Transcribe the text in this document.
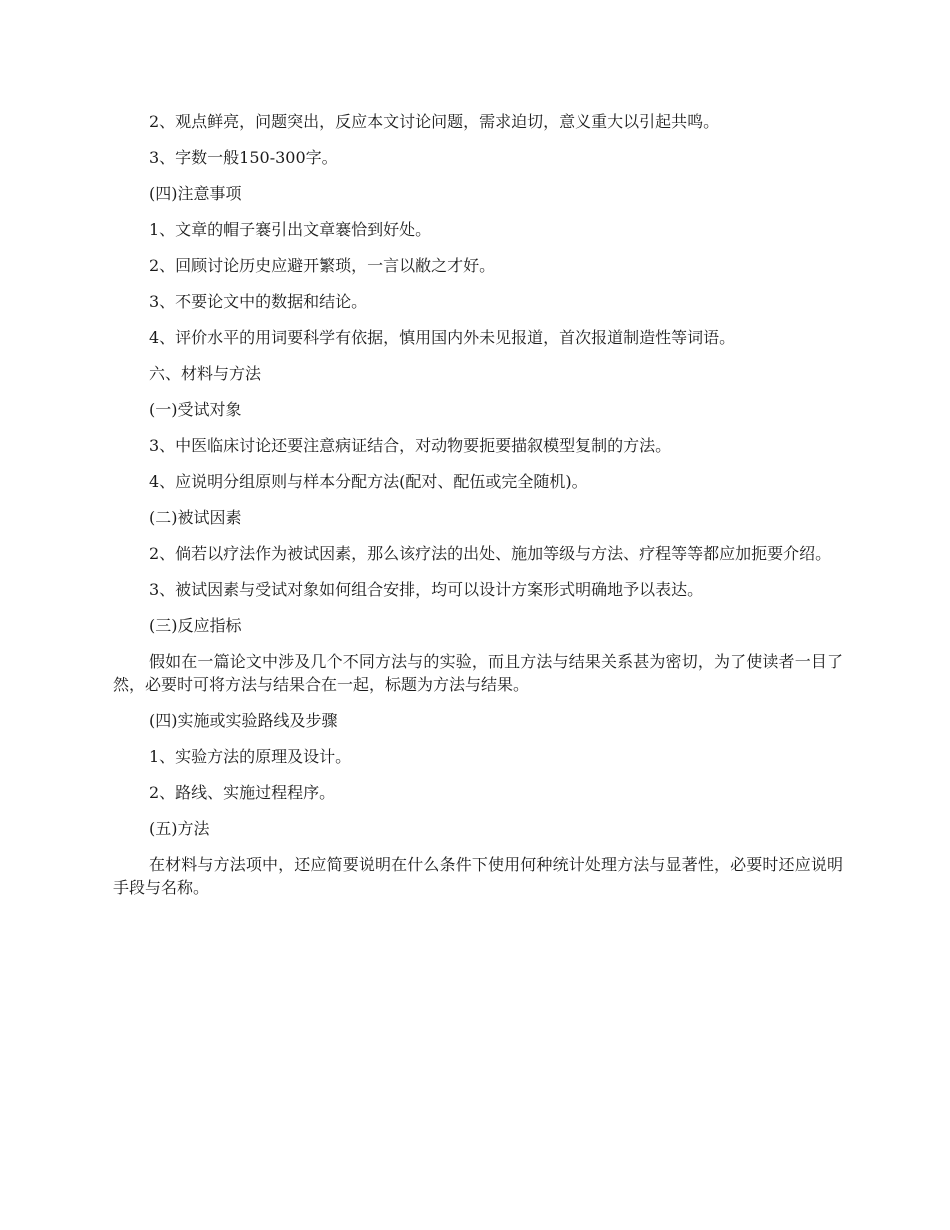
2、观点鲜亮，问题突出，反应本文讨论问题，需求迫切，意义重大以引起共鸣。

3、字数一般150-300字。

(四)注意事项

1、文章的帽子褰引出文章褰恰到好处。

2、回顾讨论历史应避开繁琐，一言以敝之才好。

3、不要论文中的数据和结论。

4、评价水平的用词要科学有依据，慎用国内外未见报道，首次报道制造性等词语。

六、材料与方法

(一)受试对象

3、中医临床讨论还要注意病证结合，对动物要扼要描叙模型复制的方法。

4、应说明分组原则与样本分配方法(配对、配伍或完全随机)。

(二)被试因素

2、倘若以疗法作为被试因素，那么该疗法的出处、施加等级与方法、疗程等等都应加扼要介绍。

3、被试因素与受试对象如何组合安排，均可以设计方案形式明确地予以表达。

(三)反应指标

假如在一篇论文中涉及几个不同方法与的实验，而且方法与结果关系甚为密切，为了使读者一目了然，必要时可将方法与结果合在一起，标题为方法与结果。

(四)实施或实验路线及步骤

1、实验方法的原理及设计。

2、路线、实施过程程序。

(五)方法

在材料与方法项中，还应简要说明在什么条件下使用何种统计处理方法与显著性，必要时还应说明手段与名称。
